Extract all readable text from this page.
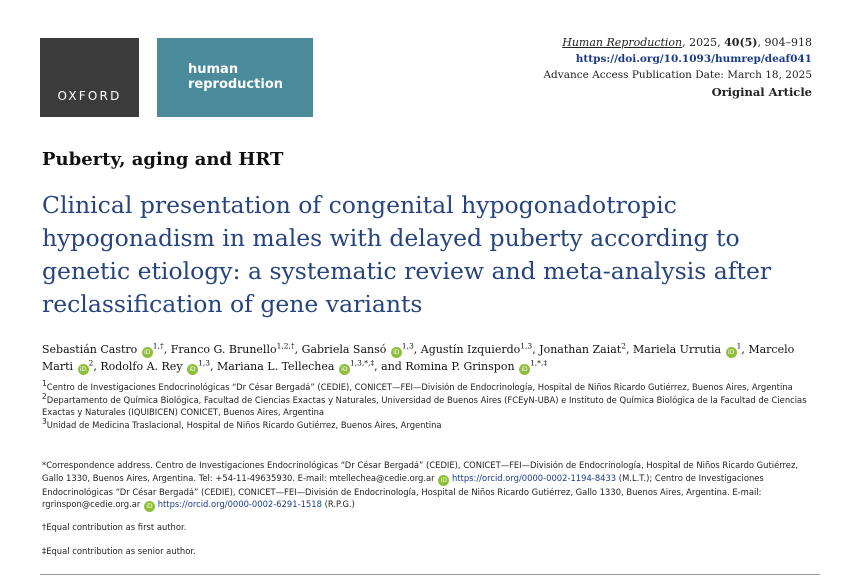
OXFORD
human
reproduction
Human Reproduction, 2025, 40(5), 904–918
https://doi.org/10.1093/humrep/deaf041
Advance Access Publication Date: March 18, 2025
Original Article
Puberty, aging and HRT
Clinical presentation of congenital hypogonadotropic hypogonadism in males with delayed puberty according to genetic etiology: a systematic review and meta-analysis after reclassification of gene variants
Sebastián Castro $iD^{1,\dagger}$, Franco G. Brunello$^{1,2,\dagger}$, Gabriela Sansó iD$^{1,3}$, Agustín Izquierdo$^{1,3}$, Jonathan Zaiat$^2$, Mariela Urrutia $iD^1$, Marcelo Marti $iD^2$, Rodolfo A. Rey iD$^{1,3}$, Mariana L. Tellechea $iD^{1,3,*,\ddagger}$, and Romina P. Grinspon $iD^{1,*,\ddagger}$

$^1$Centro de Investigaciones Endocrinológicas “Dr César Bergadá” (CEDIE), CONICET—FEI—División de Endocrinología, Hospital de Niños Ricardo Gutiérrez, Buenos Aires, Argentina

$^2$Departamento de Química Biológica, Facultad de Ciencias Exactas y Naturales, Universidad de Buenos Aires (FCEyN-UBA) e Instituto de Química Biológica de la Facultad de Ciencias Exactas y Naturales (IQUIBICEN) CONICET, Buenos Aires, Argentina

$^3$Unidad de Medicina Traslacional, Hospital de Niños Ricardo Gutiérrez, Buenos Aires, Argentina

*Correspondence address. Centro de Investigaciones Endocrinológicas “Dr César Bergadá” (CEDIE), CONICET—FEI—División de Endocrinología, Hospital de Niños Ricardo Gutiérrez, Gallo 1330, Buenos Aires, Argentina. Tel: +54-11-49635930. E-mail: mtellechea@cedie.org.ar iD https://orcid.org/0000-0002-1194-8433 (M.L.T.); Centro de Investigaciones Endocrinológicas “Dr César Bergadá” (CEDIE), CONICET—FEI—División de Endocrinología, Hospital de Niños Ricardo Gutiérrez, Gallo 1330, Buenos Aires, Argentina. E-mail: rgrinspon@cedie.org.ar iD https://orcid.org/0000-0002-6291-1518 (R.P.G.)
†Equal contribution as first author.
‡Equal contribution as senior author.
